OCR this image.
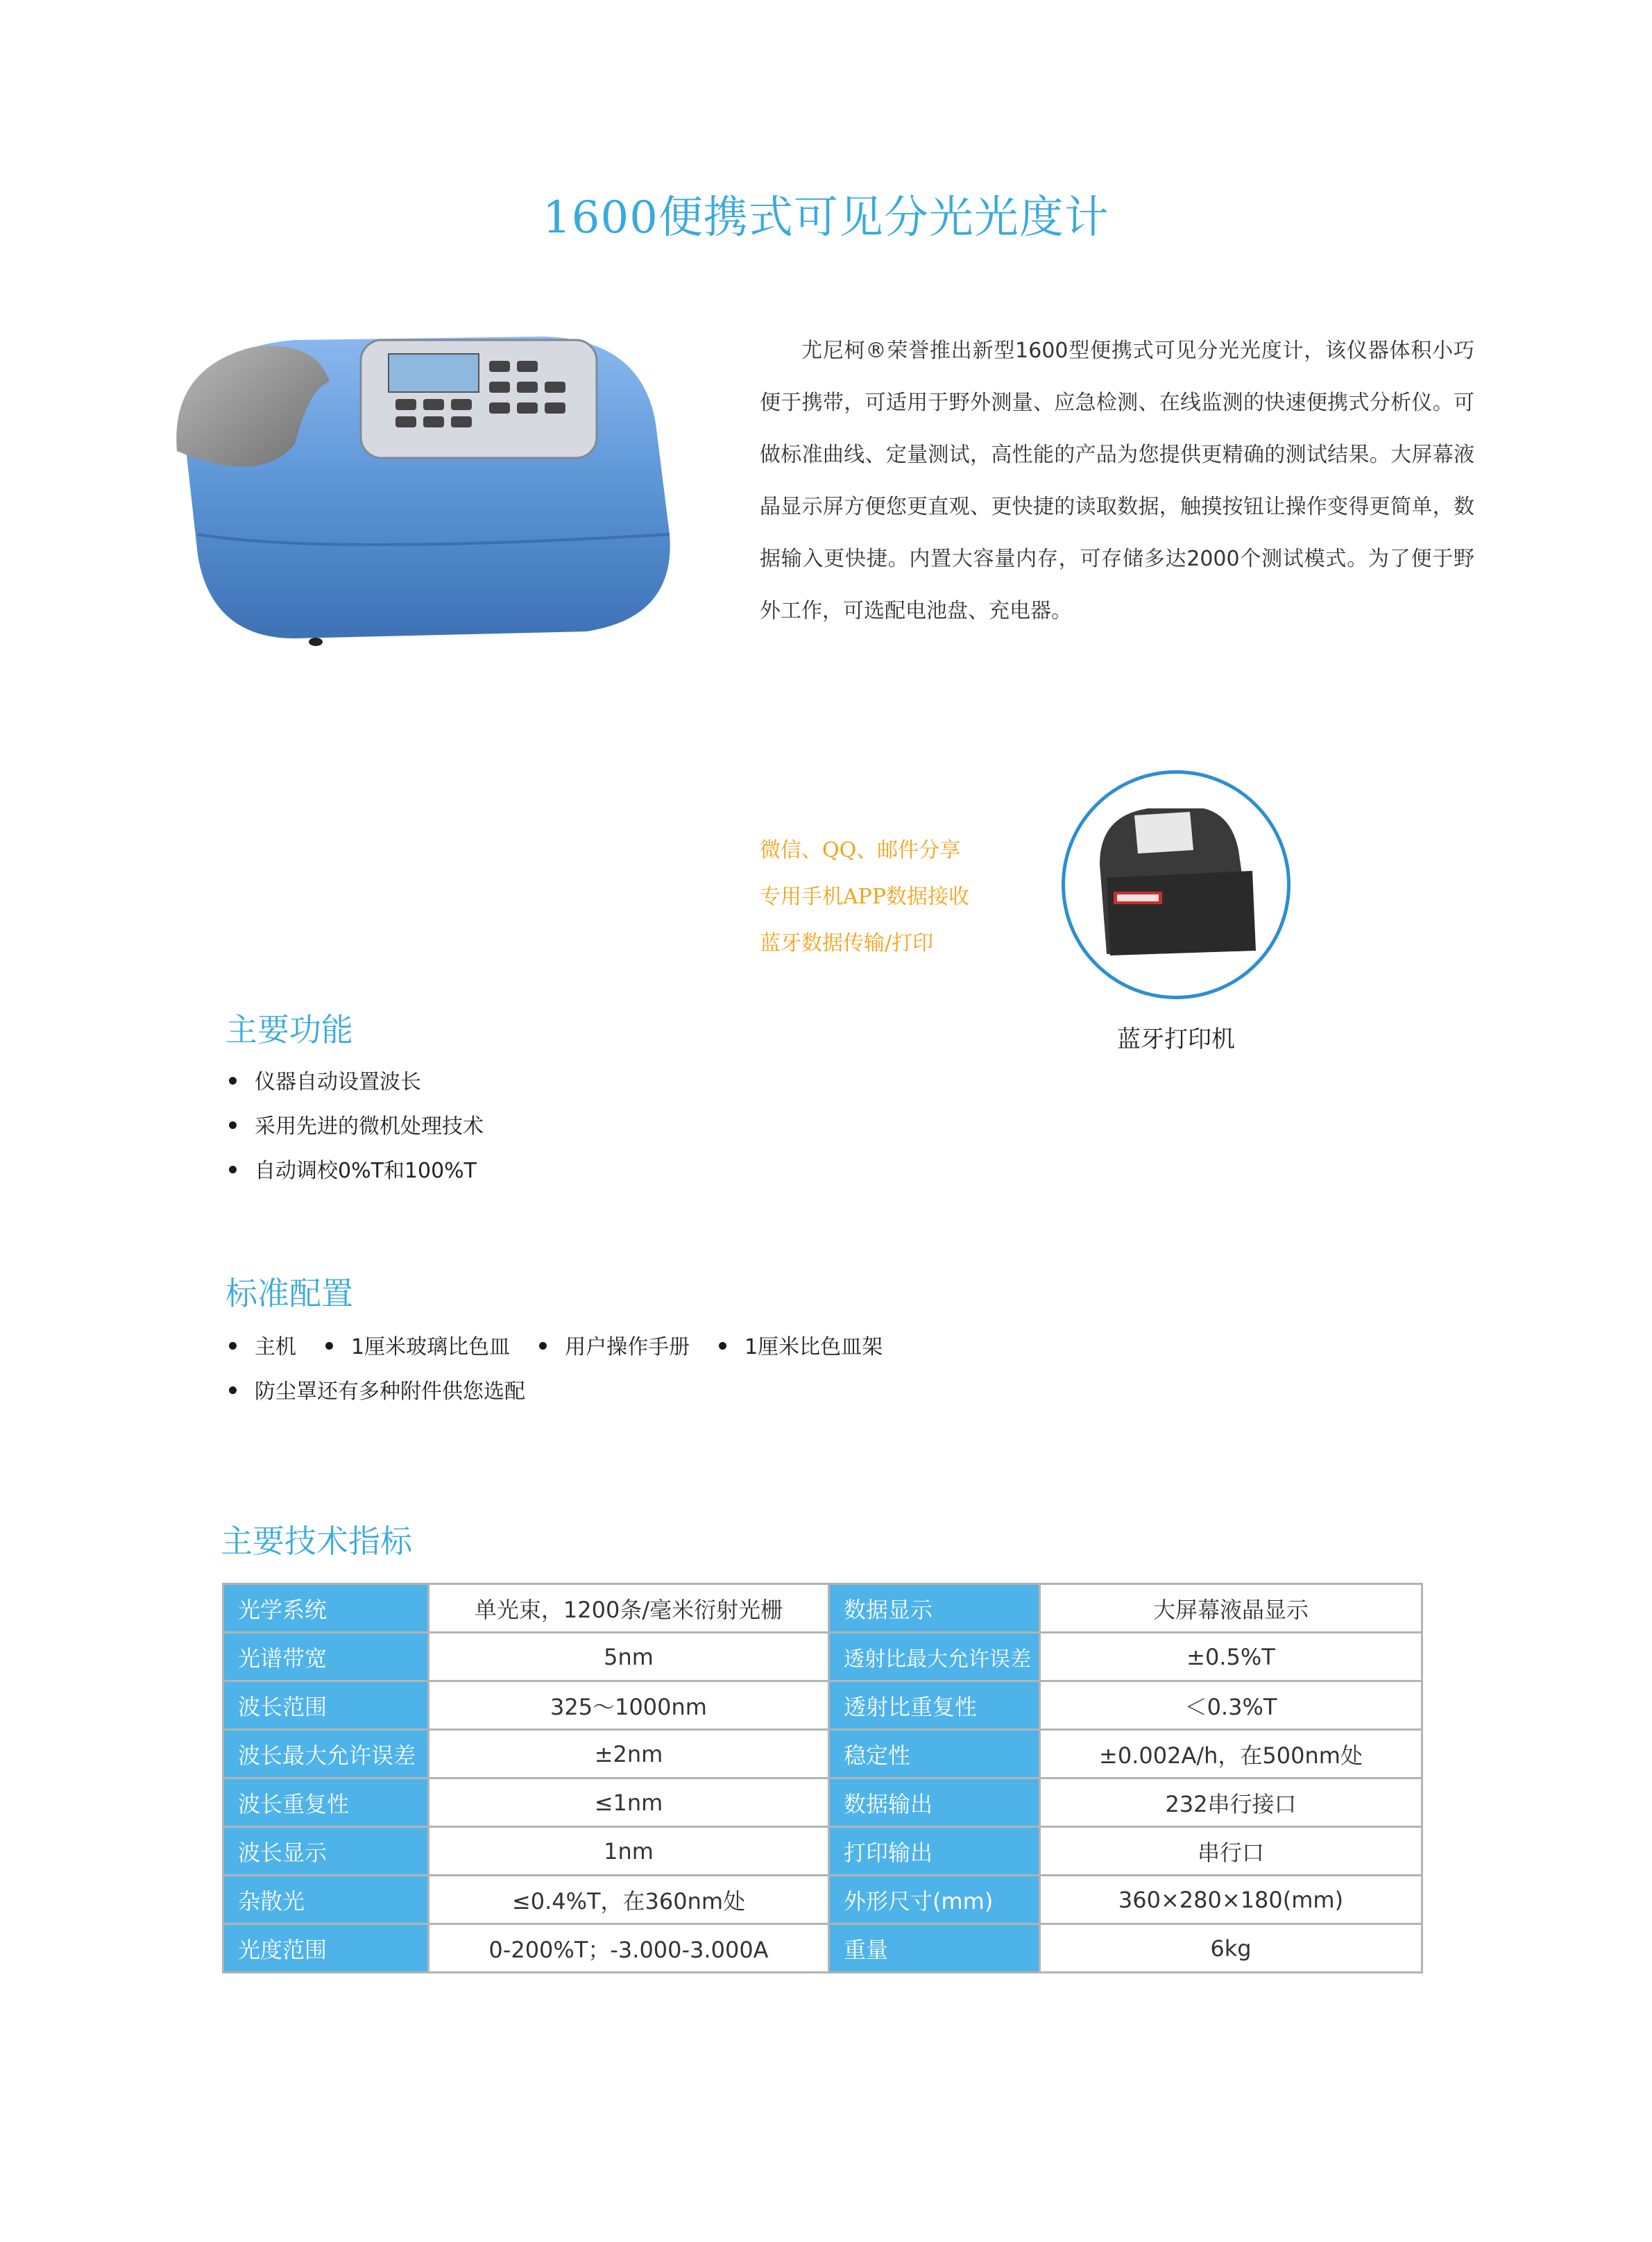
1600便携式可见分光光度计
尤尼柯®荣誉推出新型1600型便携式可见分光光度计，该仪器体积小巧便于携带，可适用于野外测量、应急检测、在线监测的快速便携式分析仪。可做标准曲线、定量测试，高性能的产品为您提供更精确的测试结果。大屏幕液晶显示屏方便您更直观、更快捷的读取数据，触摸按钮让操作变得更简单，数据输入更快捷。内置大容量内存，可存储多达2000个测试模式。为了便于野外工作，可选配电池盘、充电器。
微信、QQ、邮件分享
专用手机APP数据接收
蓝牙数据传输/打印
蓝牙打印机
主要功能
仪器自动设置波长
采用先进的微机处理技术
自动调校0%T和100%T
标准配置
主机	1厘米玻璃比色皿	用户操作手册	1厘米比色皿架
防尘罩还有多种附件供您选配
主要技术指标
光学系统	单光束，1200条/毫米衍射光栅	数据显示	大屏幕液晶显示
光谱带宽	5nm	透射比最大允许误差	±0.5%T
波长范围	325～1000nm	透射比重复性	＜0.3%T
波长最大允许误差	±2nm	稳定性	±0.002A/h，在500nm处
波长重复性	≤1nm	数据输出	232串行接口
波长显示	1nm	打印输出	串行口
杂散光	≤0.4%T，在360nm处	外形尺寸(mm)	360×280×180(mm)
光度范围	0-200%T；-3.000-3.000A	重量	6kg
